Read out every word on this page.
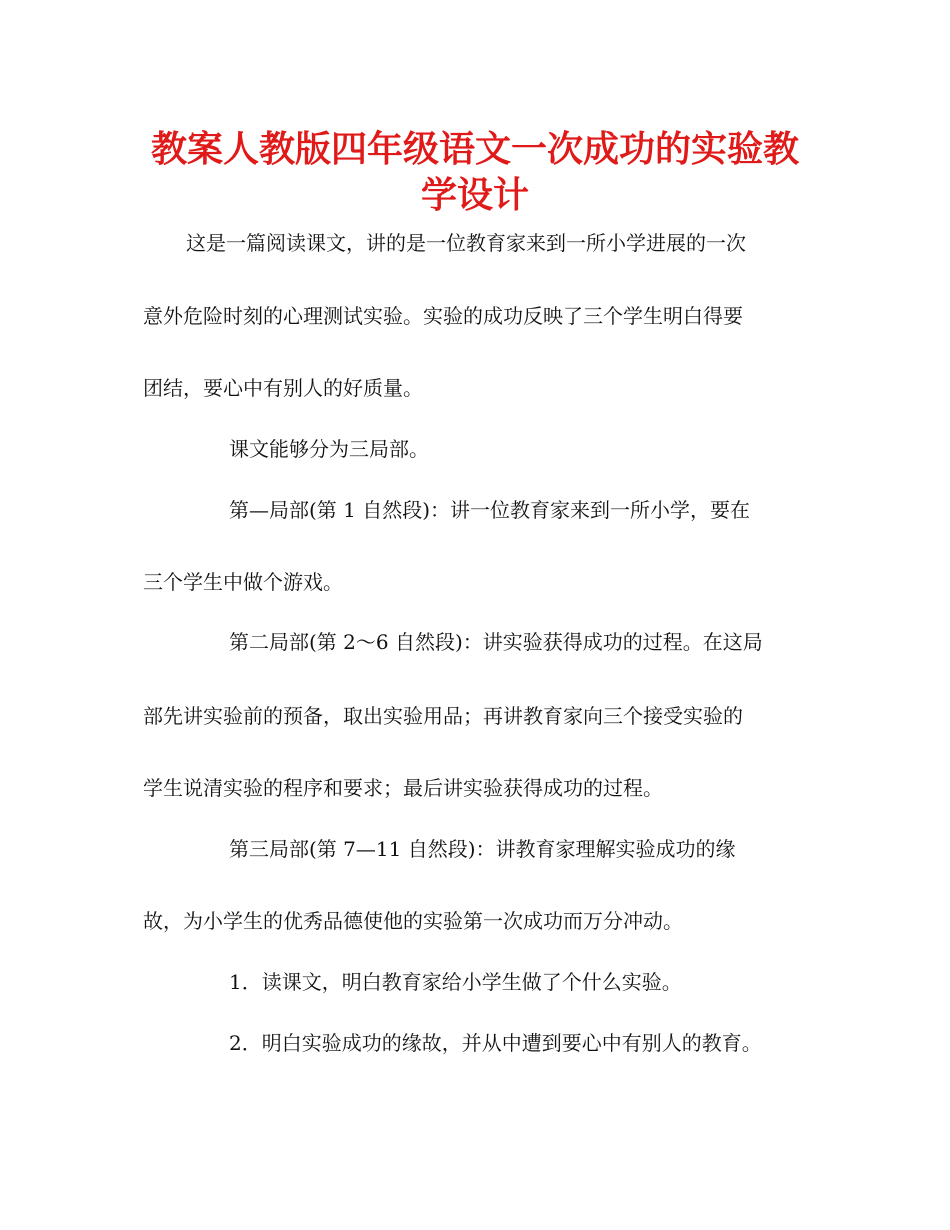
教案人教版四年级语文一次成功的实验教
学设计
这是一篇阅读课文，讲的是一位教育家来到一所小学进展的一次
意外危险时刻的心理测试实验。实验的成功反映了三个学生明白得要
团结，要心中有别人的好质量。
课文能够分为三局部。
第—局部(第 1 自然段)：讲一位教育家来到一所小学，要在
三个学生中做个游戏。
第二局部(第 2～6 自然段)：讲实验获得成功的过程。在这局
部先讲实验前的预备，取出实验用品；再讲教育家向三个接受实验的
学生说清实验的程序和要求；最后讲实验获得成功的过程。
第三局部(第 7—11 自然段)：讲教育家理解实验成功的缘
故，为小学生的优秀品德使他的实验第一次成功而万分冲动。
1．读课文，明白教育家给小学生做了个什么实验。
2．明白实验成功的缘故，并从中遭到要心中有别人的教育。
